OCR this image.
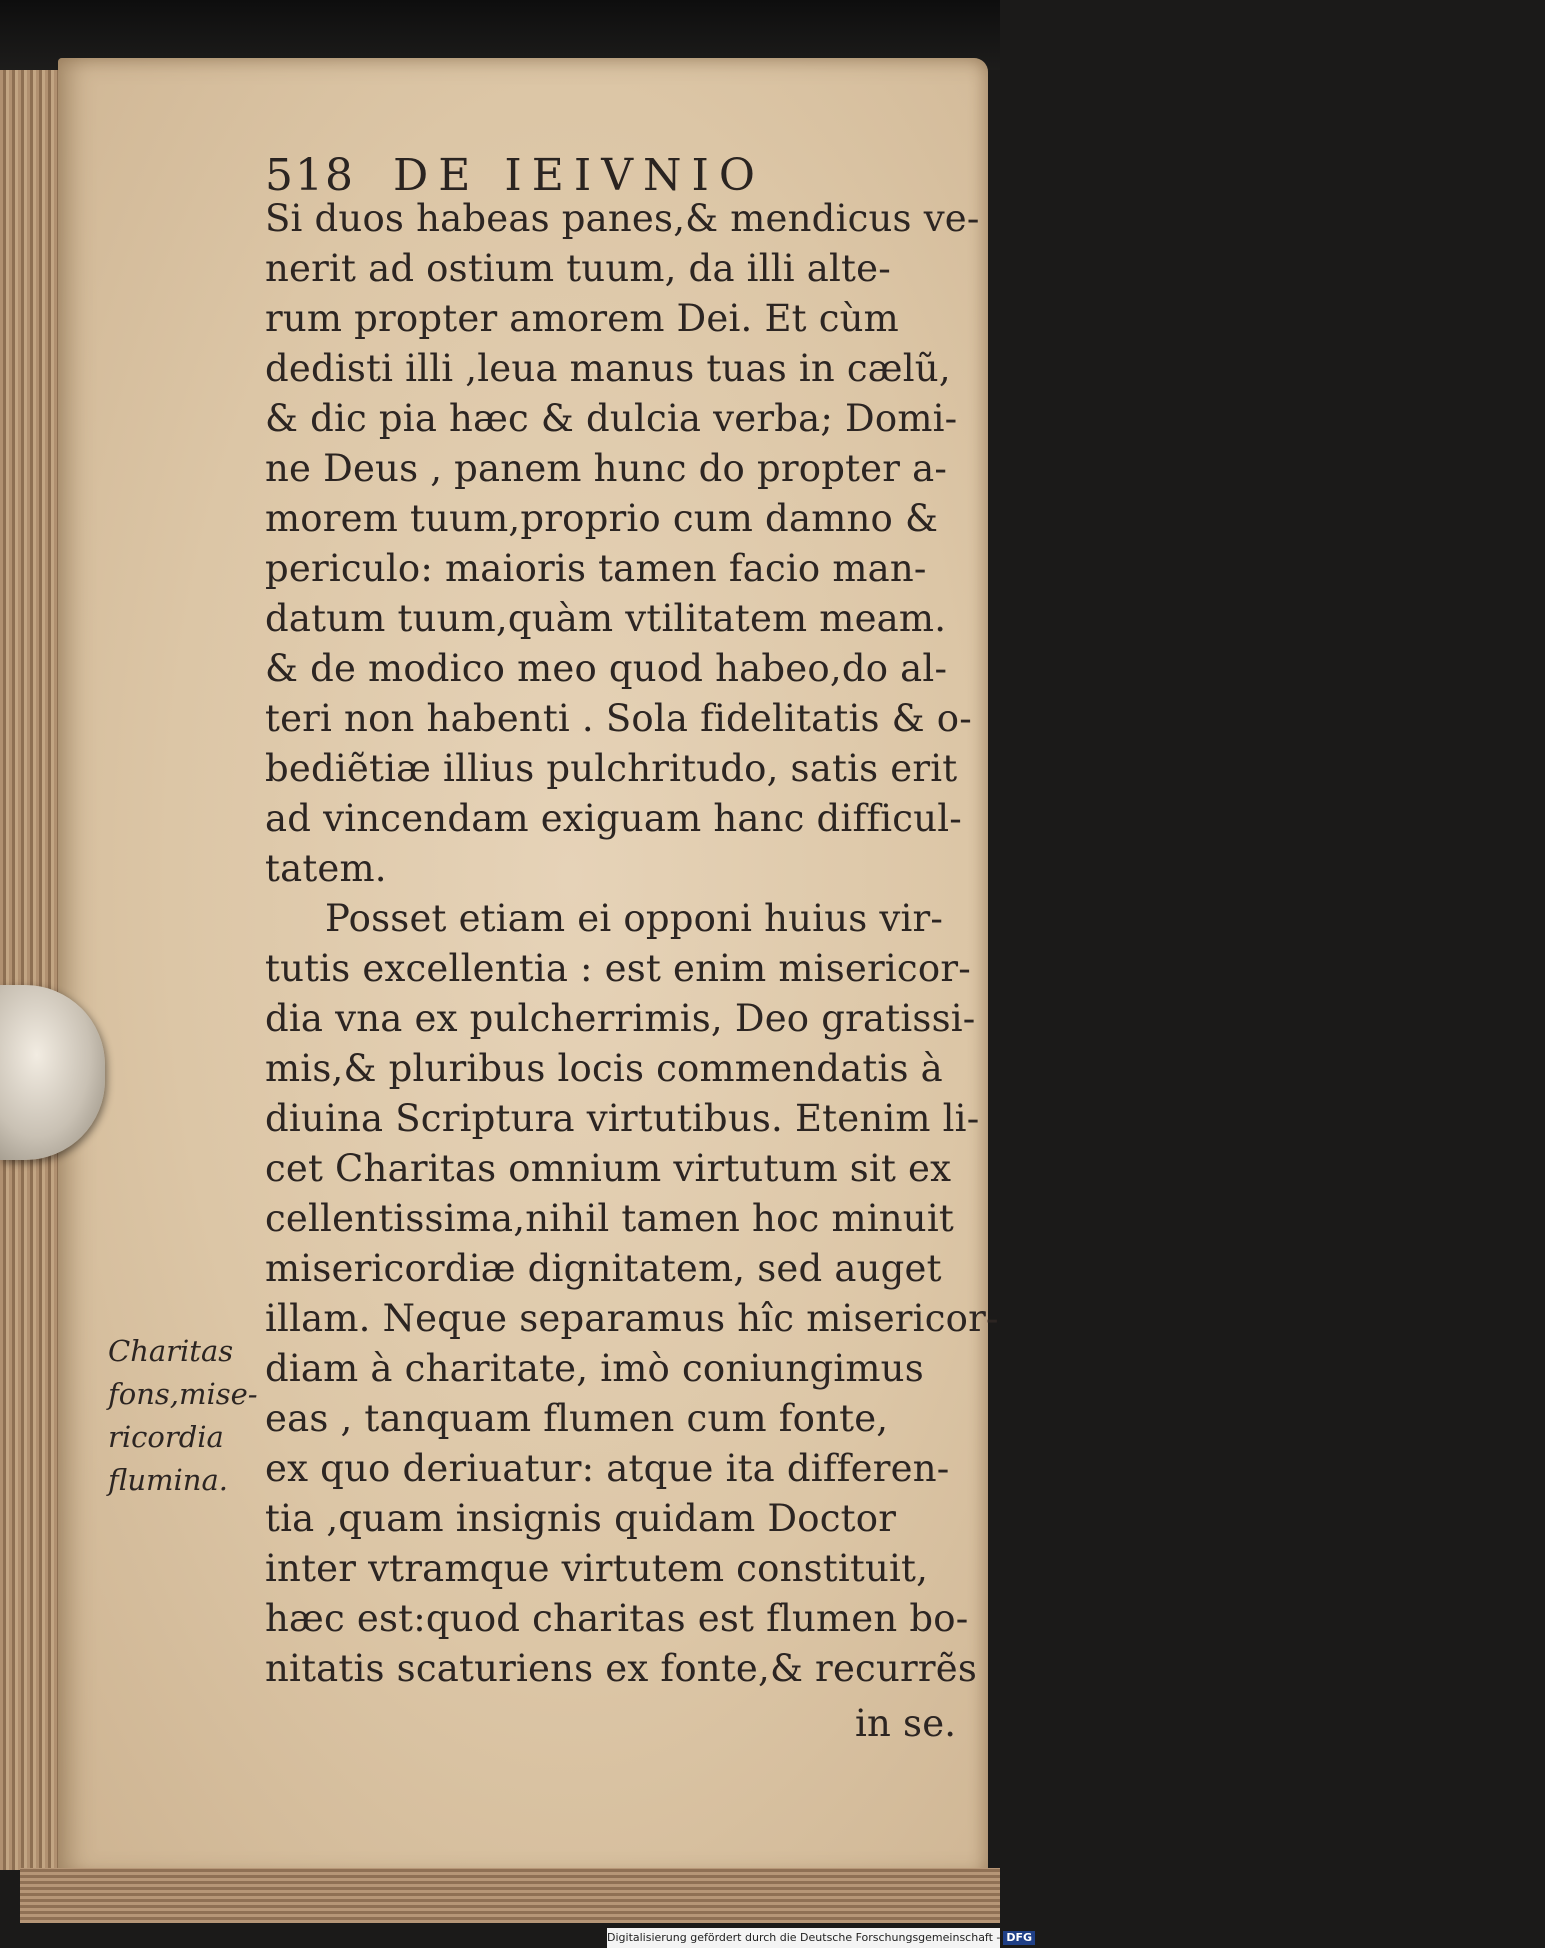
518 DE IEIVNIO
Si duos habeas panes,& mendicus ve-
nerit ad ostium tuum, da illi alte-
rum propter amorem Dei. Et cùm
dedisti illi ,leua manus tuas in cælũ,
& dic pia hæc & dulcia verba; Domi-
ne Deus , panem hunc do propter a-
morem tuum,proprio cum damno &
periculo: maioris tamen facio man-
datum tuum,quàm vtilitatem meam.
& de modico meo quod habeo,do al-
teri non habenti . Sola fidelitatis & o-
bediẽtiæ illius pulchritudo, satis erit
ad vincendam exiguam hanc difficul-
tatem.
Posset etiam ei opponi huius vir-
tutis excellentia : est enim misericor-
dia vna ex pulcherrimis, Deo gratissi-
mis,& pluribus locis commendatis à
diuina Scriptura virtutibus. Etenim li-
cet Charitas omnium virtutum sit ex
cellentissima,nihil tamen hoc minuit
misericordiæ dignitatem, sed auget
illam. Neque separamus hîc misericor-
diam à charitate, imò coniungimus
eas , tanquam flumen cum fonte,
ex quo deriuatur: atque ita differen-
tia ,quam insignis quidam Doctor
inter vtramque virtutem constituit,
hæc est:quod charitas est flumen bo-
nitatis scaturiens ex fonte,& recurrẽs
in se.
Charitas
fons,mise-
ricordia
flumina.
Digitalisierung gefördert durch die Deutsche Forschungsgemeinschaft - DFG
